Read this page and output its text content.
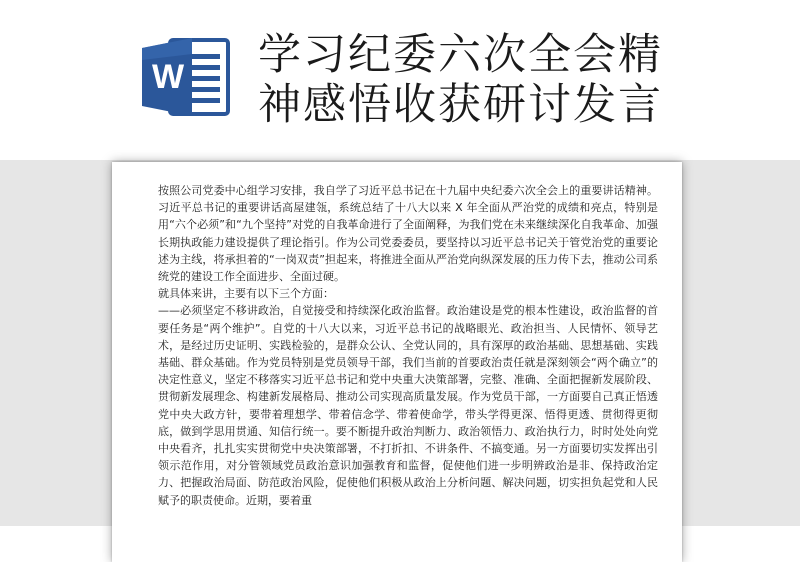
W 学习纪委六次全会精
神感悟收获研讨发言

按照公司党委中心组学习安排，我自学了习近平总书记在十九届中央纪委六次全会上的重要讲话精神。习近平总书记的重要讲话高屋建瓴，系统总结了十八大以来 X 年全面从严治党的成绩和亮点，特别是用“六个必须”和“九个坚持”对党的自我革命进行了全面阐释，为我们党在未来继续深化自我革命、加强长期执政能力建设提供了理论指引。作为公司党委委员，要坚持以习近平总书记关于管党治党的重要论述为主线，将承担着的“一岗双责”担起来，将推进全面从严治党向纵深发展的压力传下去，推动公司系统党的建设工作全面进步、全面过硬。

就具体来讲，主要有以下三个方面：

——必须坚定不移讲政治，自觉接受和持续深化政治监督。政治建设是党的根本性建设，政治监督的首要任务是“两个维护”。自党的十八大以来，习近平总书记的战略眼光、政治担当、人民情怀、领导艺术，是经过历史证明、实践检验的，是群众公认、全党认同的，具有深厚的政治基础、思想基础、实践基础、群众基础。作为党员特别是党员领导干部，我们当前的首要政治责任就是深刻领会“两个确立”的决定性意义，坚定不移落实习近平总书记和党中央重大决策部署，完整、准确、全面把握新发展阶段、贯彻新发展理念、构建新发展格局、推动公司实现高质量发展。作为党员干部，一方面要自己真正悟透党中央大政方针，要带着理想学、带着信念学、带着使命学，带头学得更深、悟得更透、贯彻得更彻底，做到学思用贯通、知信行统一。要不断提升政治判断力、政治领悟力、政治执行力，时时处处向党中央看齐，扎扎实实贯彻党中央决策部署，不打折扣、不讲条件、不搞变通。另一方面要切实发挥出引领示范作用，对分管领域党员政治意识加强教育和监督，促使他们进一步明辨政治是非、保持政治定力、把握政治局面、防范政治风险，促使他们积极从政治上分析问题、解决问题，切实担负起党和人民赋予的职责使命。近期，要着重
